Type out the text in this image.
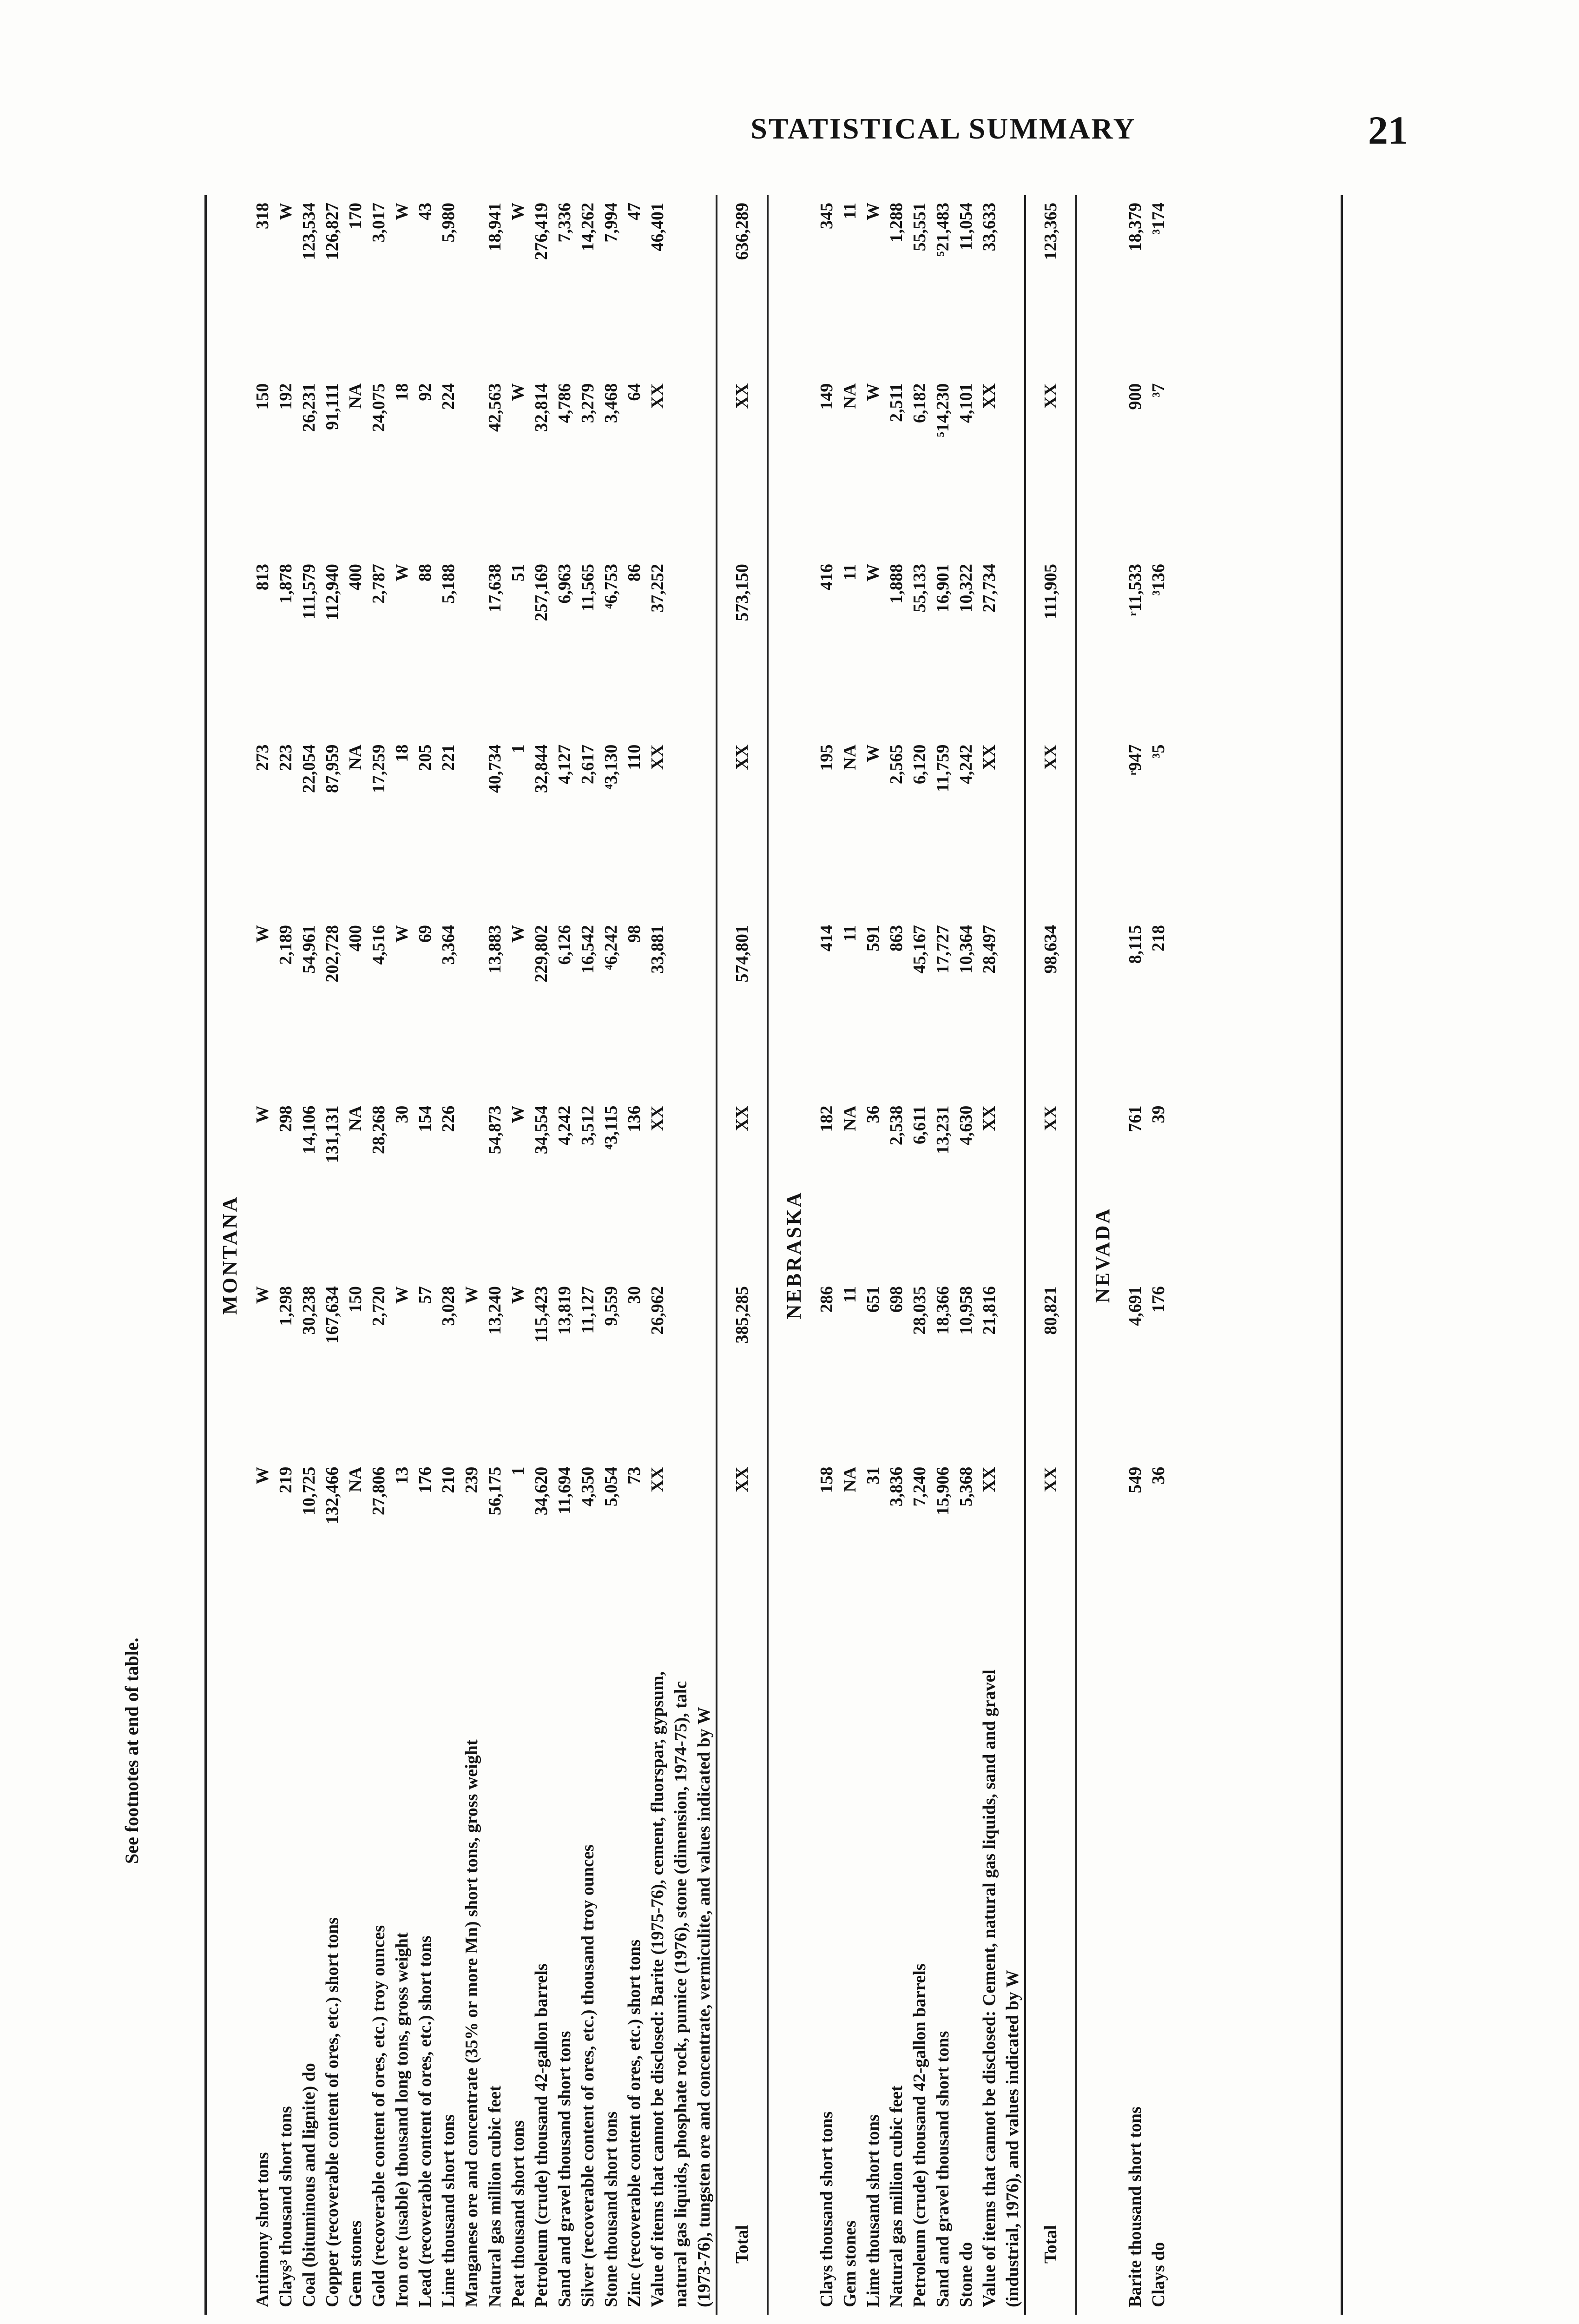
STATISTICAL SUMMARY	21
MONTANA								
Antimony short tons	W	W	W	W	273	813	150	318
Clays³ thousand short tons	219	1,298	298	2,189	223	1,878	192	W
Coal (bituminous and lignite) do	10,725	30,238	14,106	54,961	22,054	111,579	26,231	123,534
Copper (recoverable content of ores, etc.) short tons	132,466	167,634	131,131	202,728	87,959	112,940	91,111	126,827
Gem stones	NA	150	NA	400	NA	400	NA	170
Gold (recoverable content of ores, etc.) troy ounces	27,806	2,720	28,268	4,516	17,259	2,787	24,075	3,017
Iron ore (usable) thousand long tons, gross weight	13	W	30	W	18	W	18	W
Lead (recoverable content of ores, etc.) short tons	176	57	154	69	205	88	92	43
Lime thousand short tons	210	3,028	226	3,364	221	5,188	224	5,980
Manganese ore and concentrate (35% or more Mn) short tons, gross weight	239	W						
Natural gas million cubic feet	56,175	13,240	54,873	13,883	40,734	17,638	42,563	18,941
Peat thousand short tons	1	W	W	W	1	51	W	W
Petroleum (crude) thousand 42-gallon barrels	34,620	115,423	34,554	229,802	32,844	257,169	32,814	276,419
Sand and gravel thousand short tons	11,694	13,819	4,242	6,126	4,127	6,963	4,786	7,336
Silver (recoverable content of ores, etc.) thousand troy ounces	4,350	11,127	3,512	16,542	2,617	11,565	3,279	14,262
Stone thousand short tons	5,054	9,559	⁴3,115	⁴6,242	⁴3,130	⁴6,753	3,468	7,994
Zinc (recoverable content of ores, etc.) short tons	73	30	136	98	110	86	64	47
Value of items that cannot be disclosed: Barite (1975-76), cement, fluorspar, gypsum, natural gas liquids, phosphate rock, pumice (1976), stone (dimension, 1974-75), talc (1973-76), tungsten ore and concentrate, vermiculite, and values indicated by W	XX	26,962	XX	33,881	XX	37,252	XX	46,401
Total	XX	385,285	XX	574,801	XX	573,150	XX	636,289
NEBRASKA								
Clays thousand short tons	158	286	182	414	195	416	149	345
Gem stones	NA	11	NA	11	NA	11	NA	11
Lime thousand short tons	31	651	36	591	W	W	W	W
Natural gas million cubic feet	3,836	698	2,538	863	2,565	1,888	2,511	1,288
Petroleum (crude) thousand 42-gallon barrels	7,240	28,035	6,611	45,167	6,120	55,133	6,182	55,551
Sand and gravel thousand short tons	15,906	18,366	13,231	17,727	11,759	16,901	⁵14,230	⁵21,483
Stone do	5,368	10,958	4,630	10,364	4,242	10,322	4,101	11,054
Value of items that cannot be disclosed: Cement, natural gas liquids, sand and gravel (industrial, 1976), and values indicated by W	XX	21,816	XX	28,497	XX	27,734	XX	33,633
Total	XX	80,821	XX	98,634	XX	111,905	XX	123,365
NEVADA								
Barite thousand short tons	549	4,691	761	8,115	ʳ947	ʳ11,533	900	18,379
Clays do	36	176	39	218	³5	³136	³7	³174
See footnotes at end of table.
